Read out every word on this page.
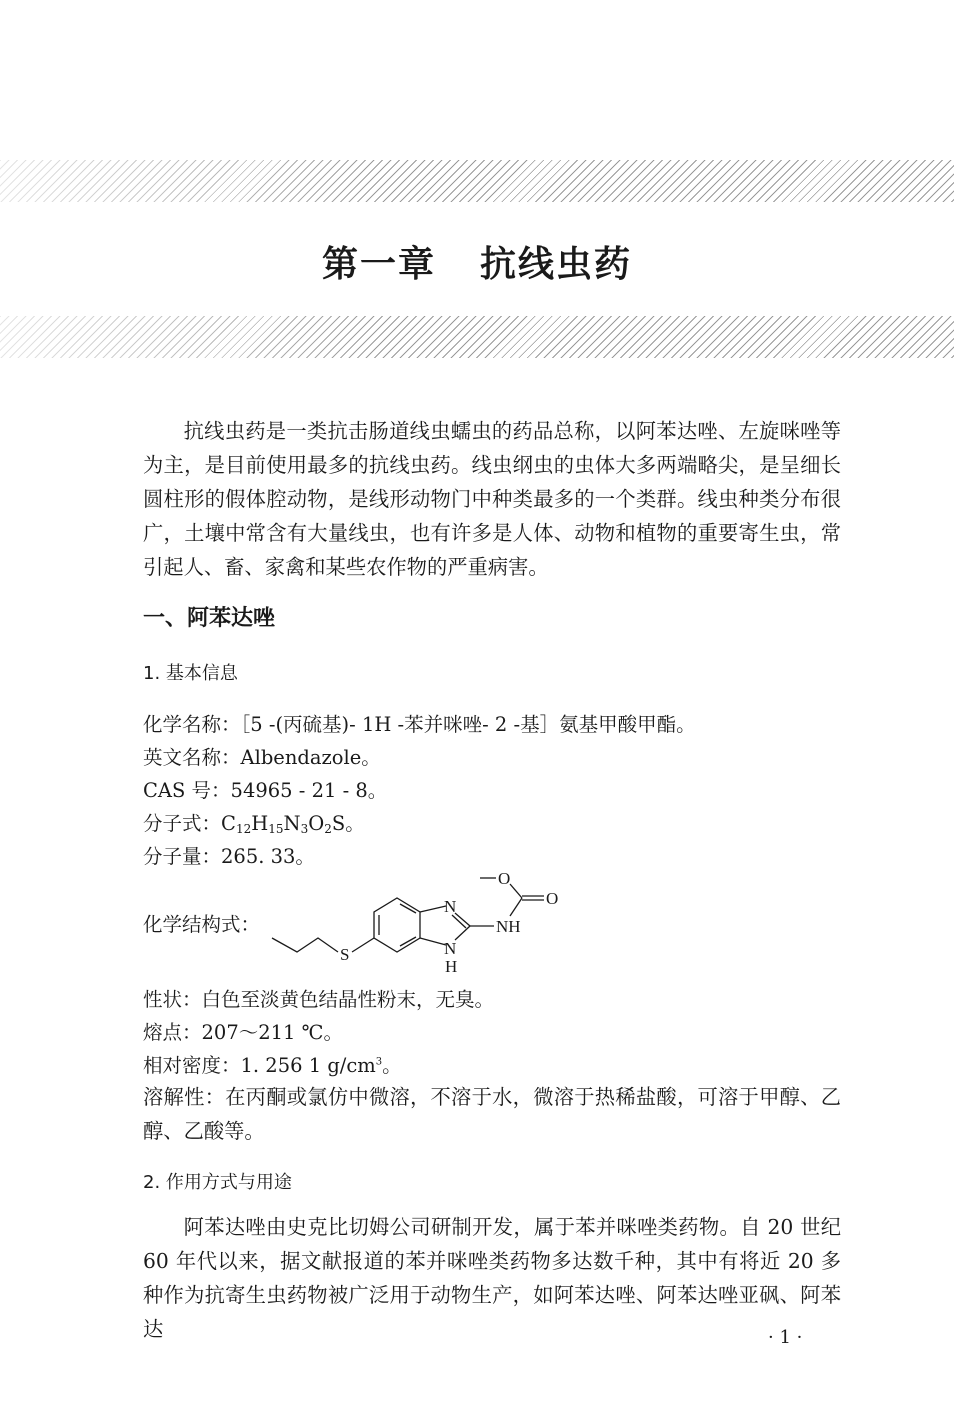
第一章 抗线虫药
抗线虫药是一类抗击肠道线虫蠕虫的药品总称，以阿苯达唑、左旋咪唑等为主，是目前使用最多的抗线虫药。线虫纲虫的虫体大多两端略尖，是呈细长圆柱形的假体腔动物，是线形动物门中种类最多的一个类群。线虫种类分布很广，土壤中常含有大量线虫，也有许多是人体、动物和植物的重要寄生虫，常引起人、畜、家禽和某些农作物的严重病害。
一、阿苯达唑
1. 基本信息
化学名称：［5 -(丙硫基)- 1H -苯并咪唑- 2 -基］氨基甲酸甲酯。
英文名称：Albendazole。
CAS 号：54965 - 21 - 8。
分子式：$C_{12}H_{15}N_3O_2S$。
分子量：265. 33。
化学结构式：
S
N
N
H
NH
O
O
性状：白色至淡黄色结晶性粉末，无臭。
熔点：207～211 ℃。
相对密度：1. 256 1 $g/cm^3$。
溶解性：在丙酮或氯仿中微溶，不溶于水，微溶于热稀盐酸，可溶于甲醇、乙醇、乙酸等。
2. 作用方式与用途
阿苯达唑由史克比切姆公司研制开发，属于苯并咪唑类药物。自 20 世纪 60 年代以来，据文献报道的苯并咪唑类药物多达数千种，其中有将近 20 多种作为抗寄生虫药物被广泛用于动物生产，如阿苯达唑、阿苯达唑亚砜、阿苯达	· 1 ·
